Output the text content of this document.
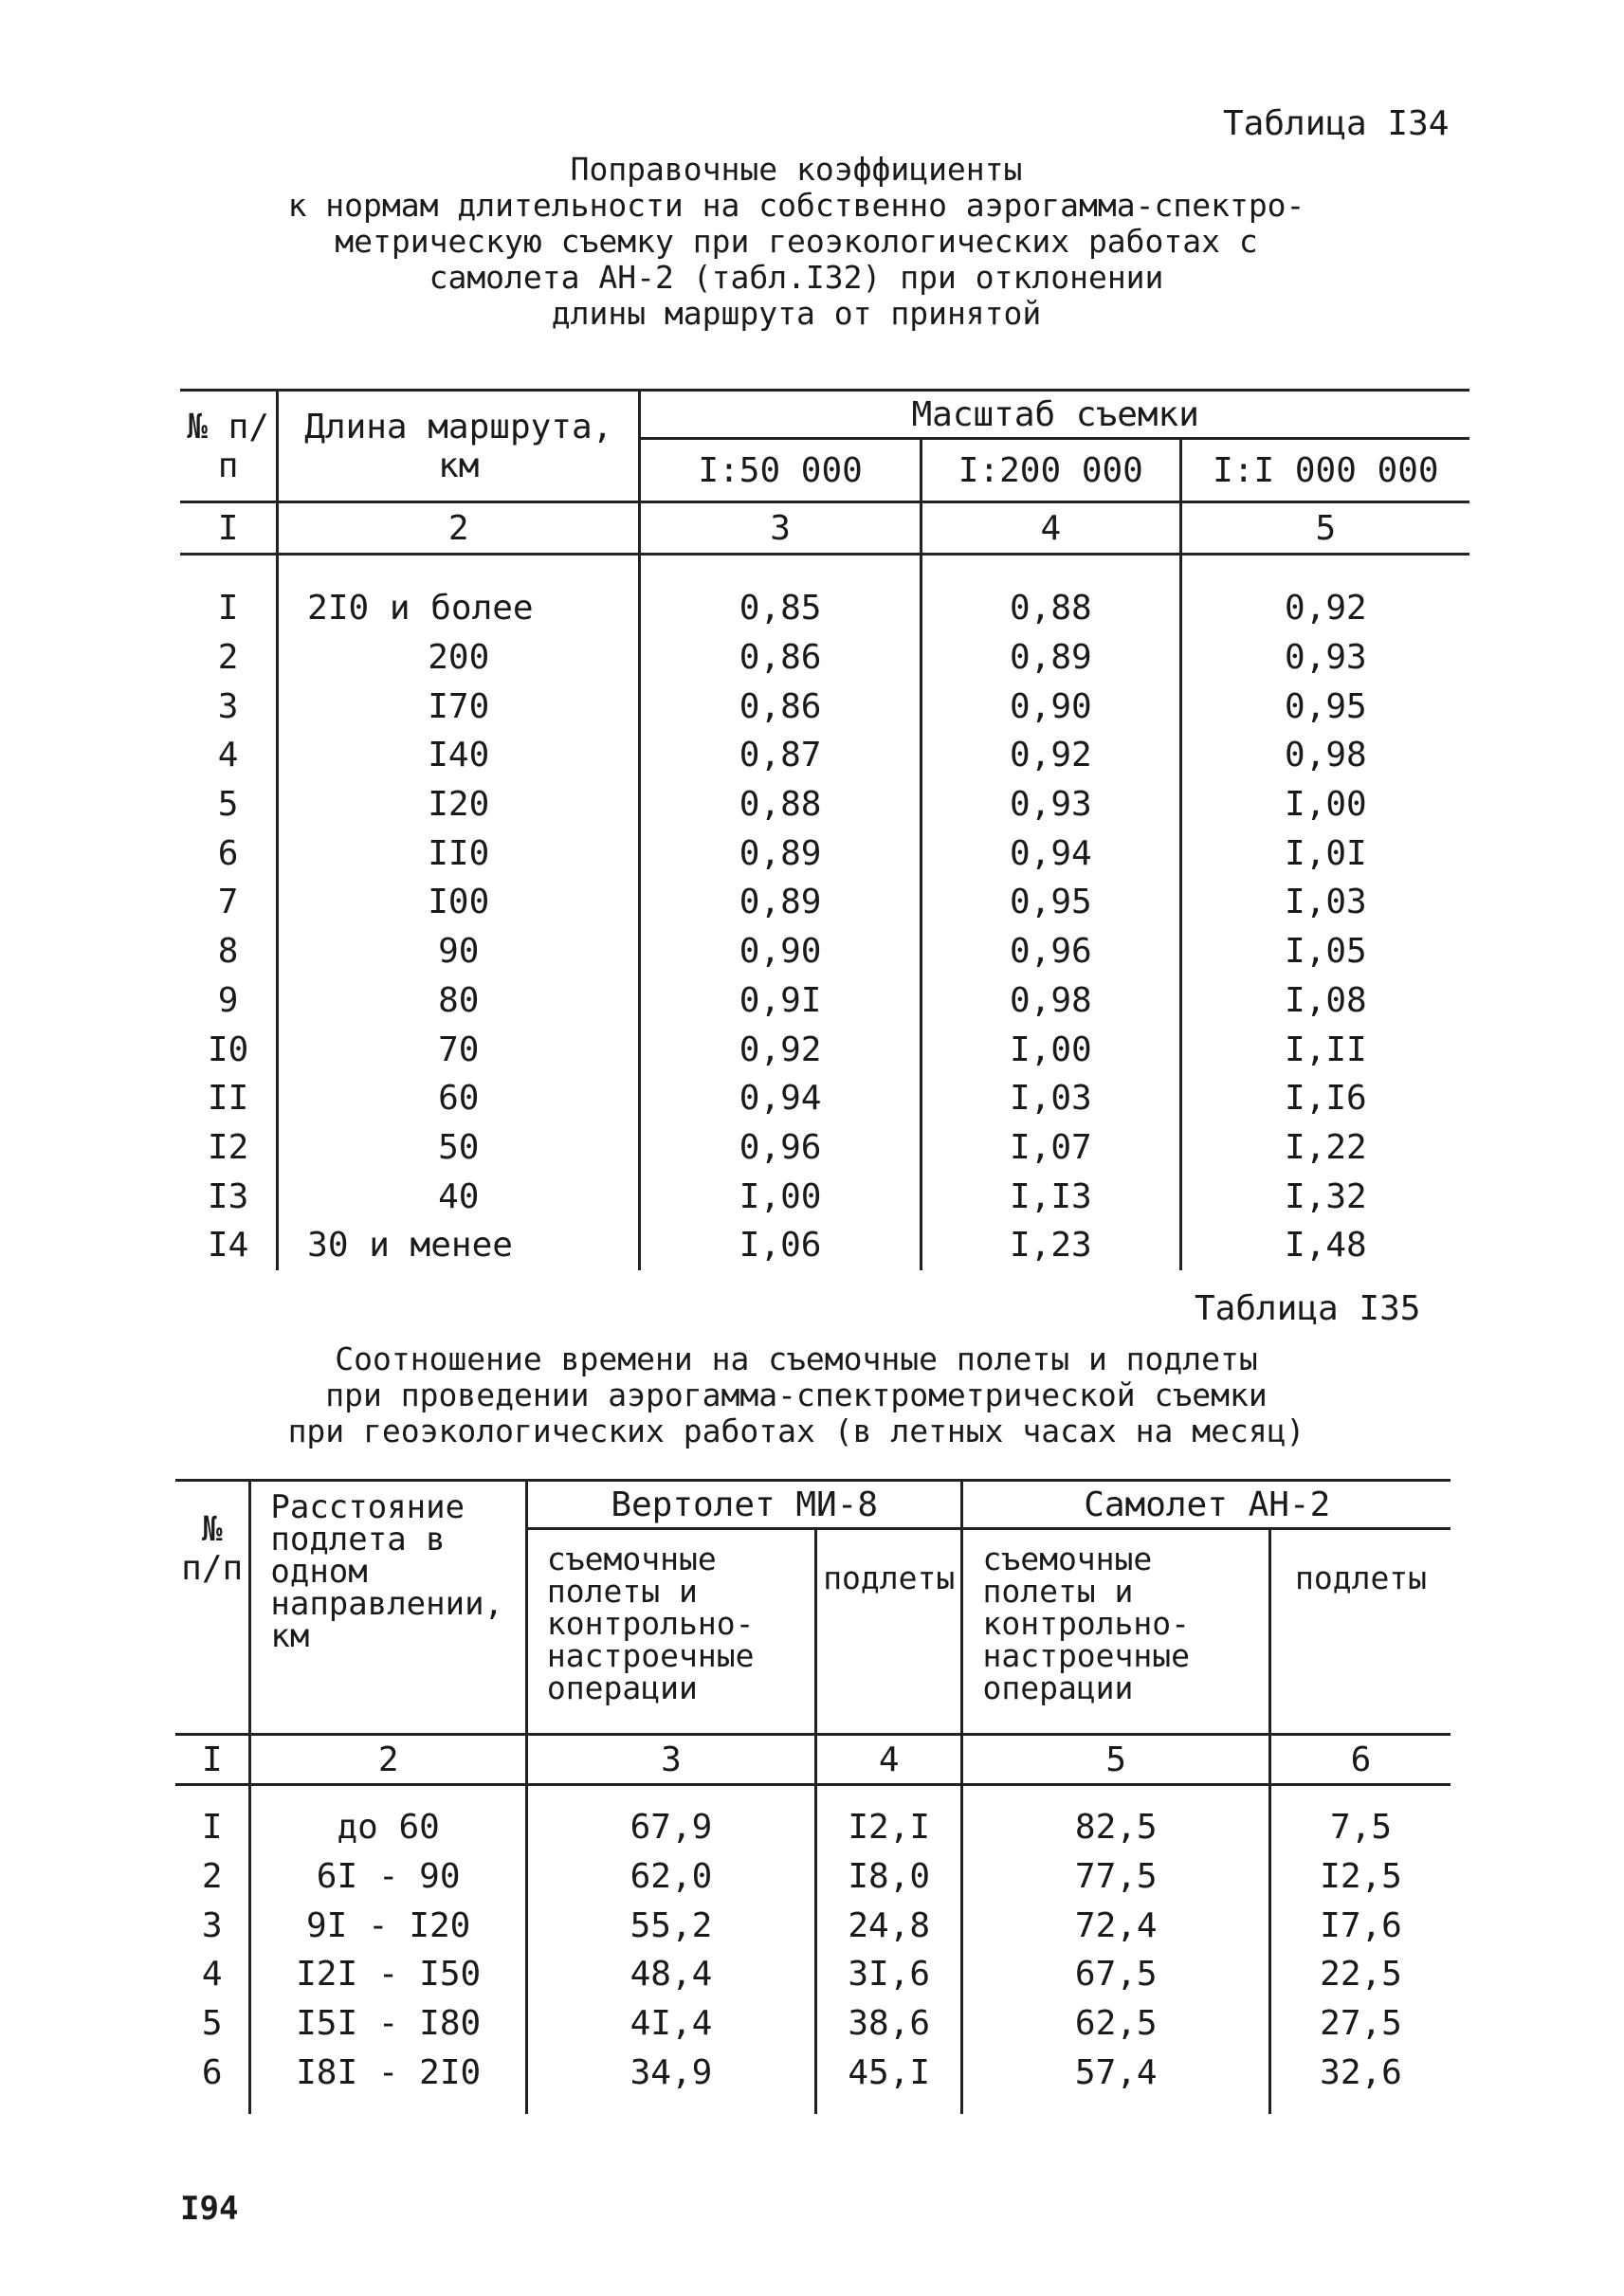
Таблица I34
Поправочные коэффициенты
к нормам длительности на собственно аэрогамма-спектро-
метрическую съемку при геоэкологических работах с
самолета АН-2 (табл.I32) при отклонении
длины маршрута от принятой
№ п/п	Длина маршрута, км	Масштаб съемки		
		I:50 000	I:200 000	I:I 000 000
I	2	3	4	5

I	2I0 и более	0,85	0,88	0,92
2	200	0,86	0,89	0,93
3	I70	0,86	0,90	0,95
4	I40	0,87	0,92	0,98
5	I20	0,88	0,93	I,00
6	II0	0,89	0,94	I,0I
7	I00	0,89	0,95	I,03
8	90	0,90	0,96	I,05
9	80	0,9I	0,98	I,08
I0	70	0,92	I,00	I,II
II	60	0,94	I,03	I,I6
I2	50	0,96	I,07	I,22
I3	40	I,00	I,I3	I,32
I4	30 и менее	I,06	I,23	I,48
Таблица I35
Соотношение времени на съемочные полеты и подлеты
при проведении аэрогамма-спектрометрической съемки
при геоэкологических работах (в летных часах на месяц)
№ п/п	Расстояние подлета в одном направлении, км	Вертолет МИ-8		Самолет АН-2	
		съемочные полеты и контрольно-настроечные операции	подлеты	съемочные полеты и контрольно-настроечные операции	подлеты
I	2	3	4	5	6

I	до 60	67,9	I2,I	82,5	7,5
2	6I - 90	62,0	I8,0	77,5	I2,5
3	9I - I20	55,2	24,8	72,4	I7,6
4	I2I - I50	48,4	3I,6	67,5	22,5
5	I5I - I80	4I,4	38,6	62,5	27,5
6	I8I - 2I0	34,9	45,I	57,4	32,6

I94
